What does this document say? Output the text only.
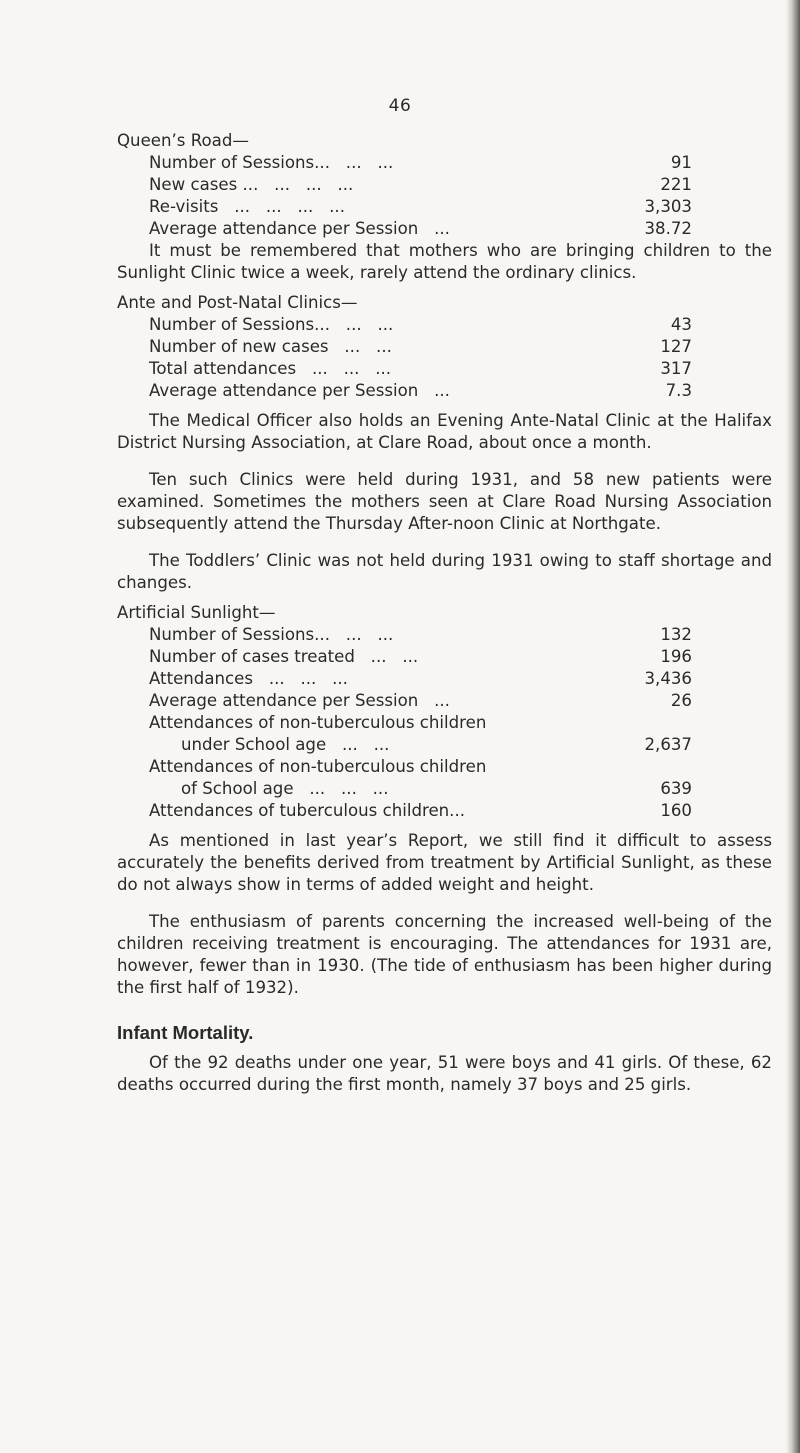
46

Queen’s Road—

Number of Sessions...   ...   ...	91
New cases ...   ...   ...   ...	221
Re-visits   ...   ...   ...   ...	3,303
Average attendance per Session   ...	38.72

It must be remembered that mothers who are bringing children to the Sunlight Clinic twice a week, rarely attend the ordinary clinics.

Ante and Post-Natal Clinics—

Number of Sessions...   ...   ...	43
Number of new cases   ...   ...	127
Total attendances   ...   ...   ...	317
Average attendance per Session   ...	7.3

The Medical Officer also holds an Evening Ante-Natal Clinic at the Halifax District Nursing Association, at Clare Road, about once a month.

Ten such Clinics were held during 1931, and 58 new patients were examined. Sometimes the mothers seen at Clare Road Nursing Association subsequently attend the Thursday After-noon Clinic at Northgate.

The Toddlers’ Clinic was not held during 1931 owing to staff shortage and changes.

Artificial Sunlight—

Number of Sessions...   ...   ...	132
Number of cases treated   ...   ...	196
Attendances   ...   ...   ...	3,436
Average attendance per Session   ...	26
Attendances of non-tuberculous children
under School age   ...   ...	2,637
Attendances of non-tuberculous children
of School age   ...   ...   ...	639
Attendances of tuberculous children...	160

As mentioned in last year’s Report, we still find it difficult to assess accurately the benefits derived from treatment by Artificial Sunlight, as these do not always show in terms of added weight and height.

The enthusiasm of parents concerning the increased well-being of the children receiving treatment is encouraging. The attendances for 1931 are, however, fewer than in 1930. (The tide of enthusiasm has been higher during the first half of 1932).

Infant Mortality.

Of the 92 deaths under one year, 51 were boys and 41 girls. Of these, 62 deaths occurred during the first month, namely 37 boys and 25 girls.
